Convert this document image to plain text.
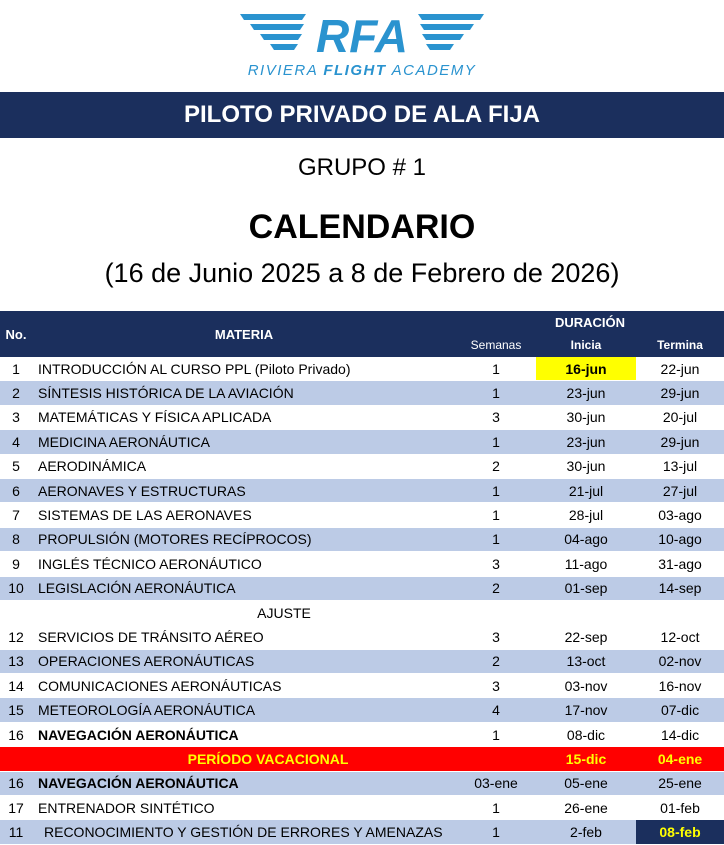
RFA
RIVIERA FLIGHT ACADEMY
PILOTO PRIVADO DE ALA FIJA
GRUPO # 1
CALENDARIO
(16 de Junio 2025 a 8 de Febrero de 2026)
No.	MATERIA	DURACIÓN		
		Semanas	Inicia	Termina
1	INTRODUCCIÓN AL CURSO PPL (Piloto Privado)	1	16-jun	22-jun
2	SÍNTESIS HISTÓRICA DE LA AVIACIÓN	1	23-jun	29-jun
3	MATEMÁTICAS Y FÍSICA APLICADA	3	30-jun	20-jul
4	MEDICINA AERONÁUTICA	1	23-jun	29-jun
5	AERODINÁMICA	2	30-jun	13-jul
6	AERONAVES Y ESTRUCTURAS	1	21-jul	27-jul
7	SISTEMAS DE LAS AERONAVES	1	28-jul	03-ago
8	PROPULSIÓN (MOTORES RECÍPROCOS)	1	04-ago	10-ago
9	INGLÉS TÉCNICO AERONÁUTICO	3	11-ago	31-ago
10	LEGISLACIÓN AERONÁUTICA	2	01-sep	14-sep
	AJUSTE			
12	SERVICIOS DE TRÁNSITO AÉREO	3	22-sep	12-oct
13	OPERACIONES AERONÁUTICAS	2	13-oct	02-nov
14	COMUNICACIONES AERONÁUTICAS	3	03-nov	16-nov
15	METEOROLOGÍA AERONÁUTICA	4	17-nov	07-dic
16	NAVEGACIÓN AERONÁUTICA	1	08-dic	14-dic
PERÍODO VACACIONAL			15-dic	04-ene
16	NAVEGACIÓN AERONÁUTICA	03-ene	05-ene	25-ene
17	ENTRENADOR SINTÉTICO	1	26-ene	01-feb
11	RECONOCIMIENTO Y GESTIÓN DE ERRORES Y AMENAZAS	1	2-feb	08-feb
